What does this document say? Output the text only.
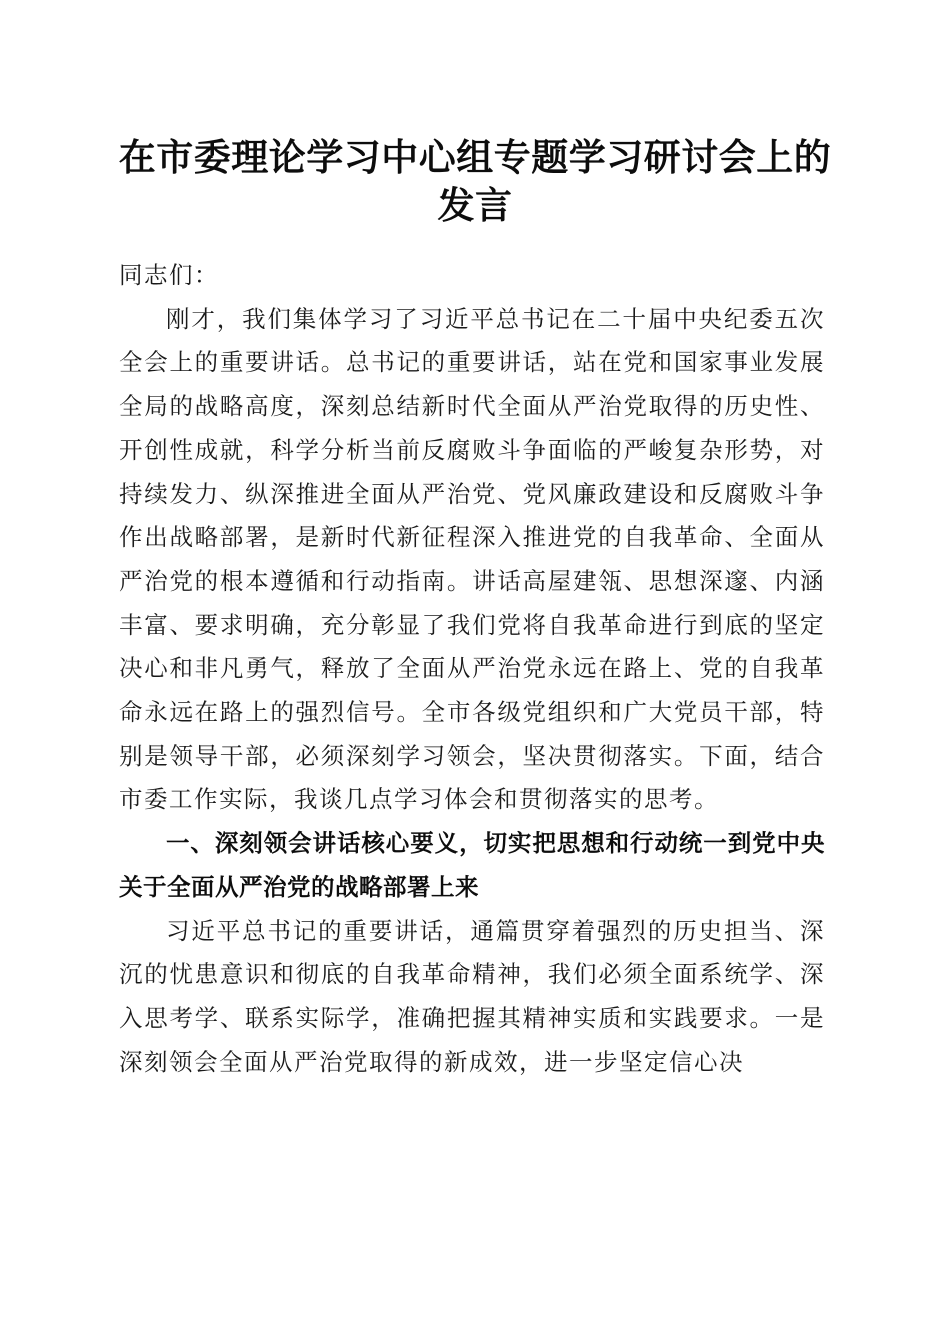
在市委理论学习中心组专题学习研讨会上的发言

同志们：

刚才，我们集体学习了习近平总书记在二十届中央纪委五次全会上的重要讲话。总书记的重要讲话，站在党和国家事业发展全局的战略高度，深刻总结新时代全面从严治党取得的历史性、开创性成就，科学分析当前反腐败斗争面临的严峻复杂形势，对持续发力、纵深推进全面从严治党、党风廉政建设和反腐败斗争作出战略部署，是新时代新征程深入推进党的自我革命、全面从严治党的根本遵循和行动指南。讲话高屋建瓴、思想深邃、内涵丰富、要求明确，充分彰显了我们党将自我革命进行到底的坚定决心和非凡勇气，释放了全面从严治党永远在路上、党的自我革命永远在路上的强烈信号。全市各级党组织和广大党员干部，特别是领导干部，必须深刻学习领会，坚决贯彻落实。下面，结合市委工作实际，我谈几点学习体会和贯彻落实的思考。

一、深刻领会讲话核心要义，切实把思想和行动统一到党中央关于全面从严治党的战略部署上来

习近平总书记的重要讲话，通篇贯穿着强烈的历史担当、深沉的忧患意识和彻底的自我革命精神，我们必须全面系统学、深入思考学、联系实际学，准确把握其精神实质和实践要求。一是深刻领会全面从严治党取得的新成效，进一步坚定信心决
